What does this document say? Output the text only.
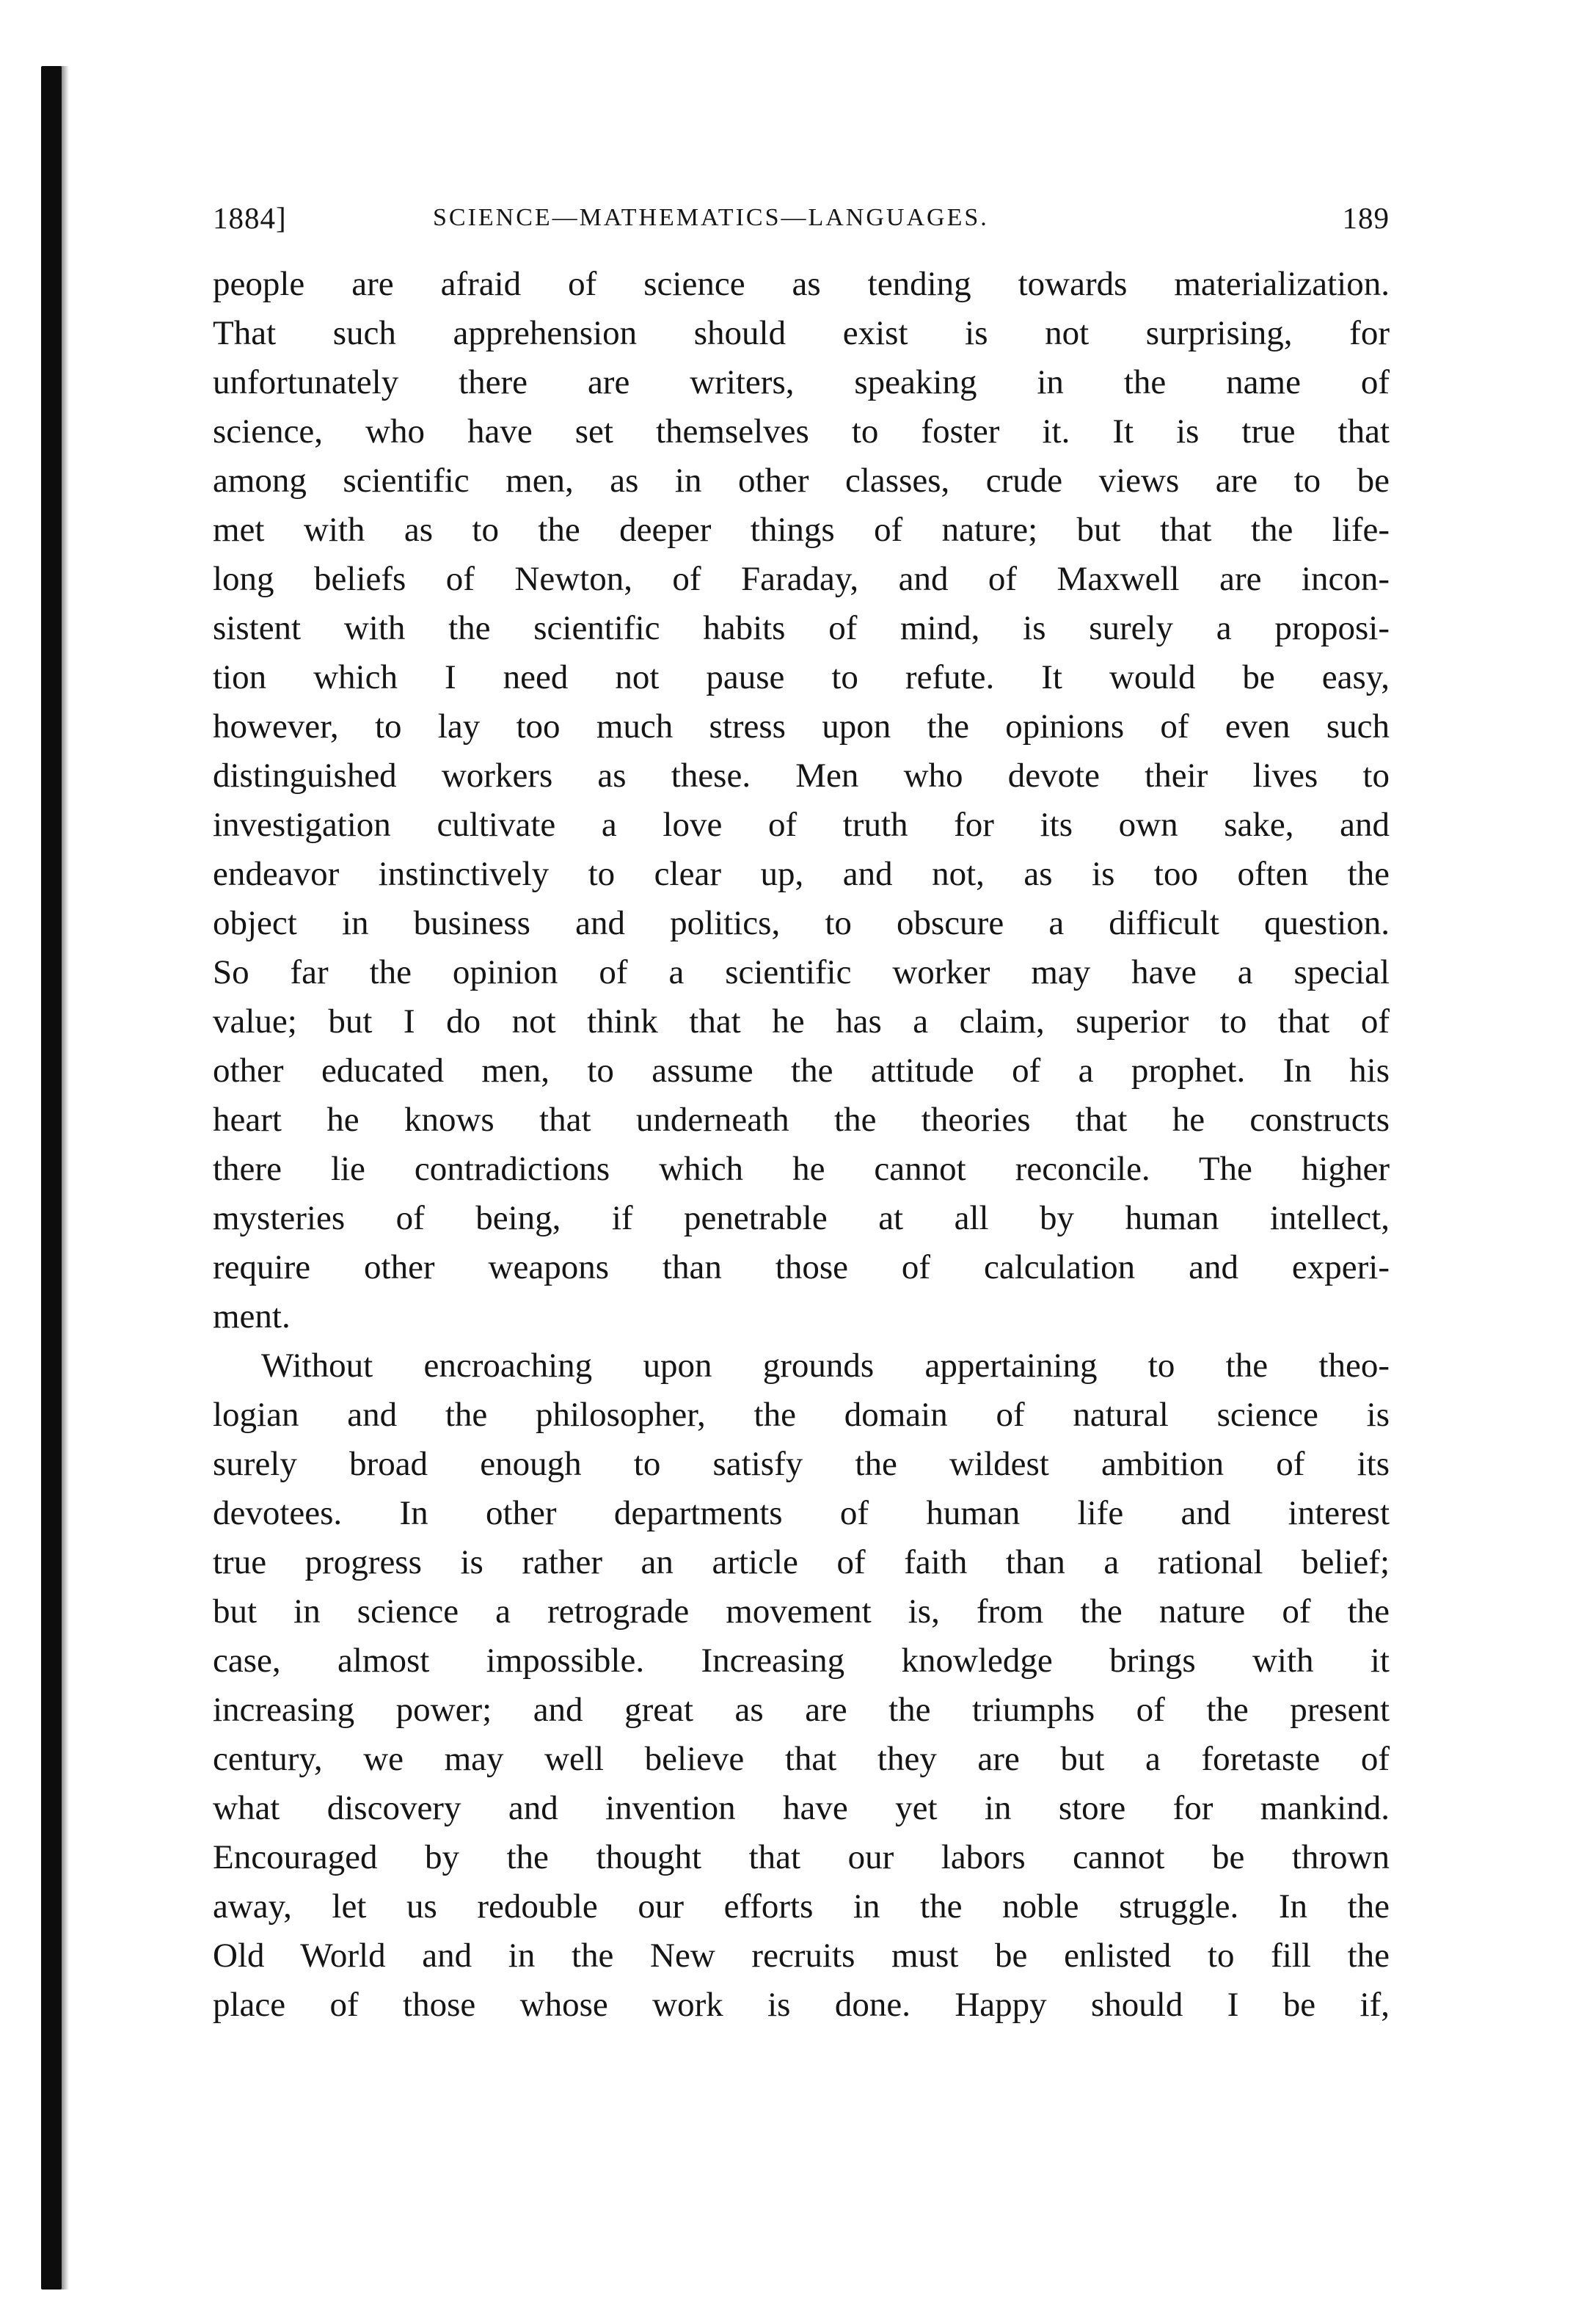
1884]	SCIENCE—MATHEMATICS—LANGUAGES.	189
people are afraid of science as tending towards materialization.
That such apprehension should exist is not surprising, for
unfortunately there are writers, speaking in the name of
science, who have set themselves to foster it. It is true that
among scientific men, as in other classes, crude views are to be
met with as to the deeper things of nature; but that the life-
long beliefs of Newton, of Faraday, and of Maxwell are incon-
sistent with the scientific habits of mind, is surely a proposi-
tion which I need not pause to refute. It would be easy,
however, to lay too much stress upon the opinions of even such
distinguished workers as these. Men who devote their lives to
investigation cultivate a love of truth for its own sake, and
endeavor instinctively to clear up, and not, as is too often the
object in business and politics, to obscure a difficult question.
So far the opinion of a scientific worker may have a special
value; but I do not think that he has a claim, superior to that of
other educated men, to assume the attitude of a prophet. In his
heart he knows that underneath the theories that he constructs
there lie contradictions which he cannot reconcile. The higher
mysteries of being, if penetrable at all by human intellect,
require other weapons than those of calculation and experi-
ment.
Without encroaching upon grounds appertaining to the theo-
logian and the philosopher, the domain of natural science is
surely broad enough to satisfy the wildest ambition of its
devotees. In other departments of human life and interest
true progress is rather an article of faith than a rational belief;
but in science a retrograde movement is, from the nature of the
case, almost impossible. Increasing knowledge brings with it
increasing power; and great as are the triumphs of the present
century, we may well believe that they are but a foretaste of
what discovery and invention have yet in store for mankind.
Encouraged by the thought that our labors cannot be thrown
away, let us redouble our efforts in the noble struggle. In the
Old World and in the New recruits must be enlisted to fill the
place of those whose work is done. Happy should I be if,
